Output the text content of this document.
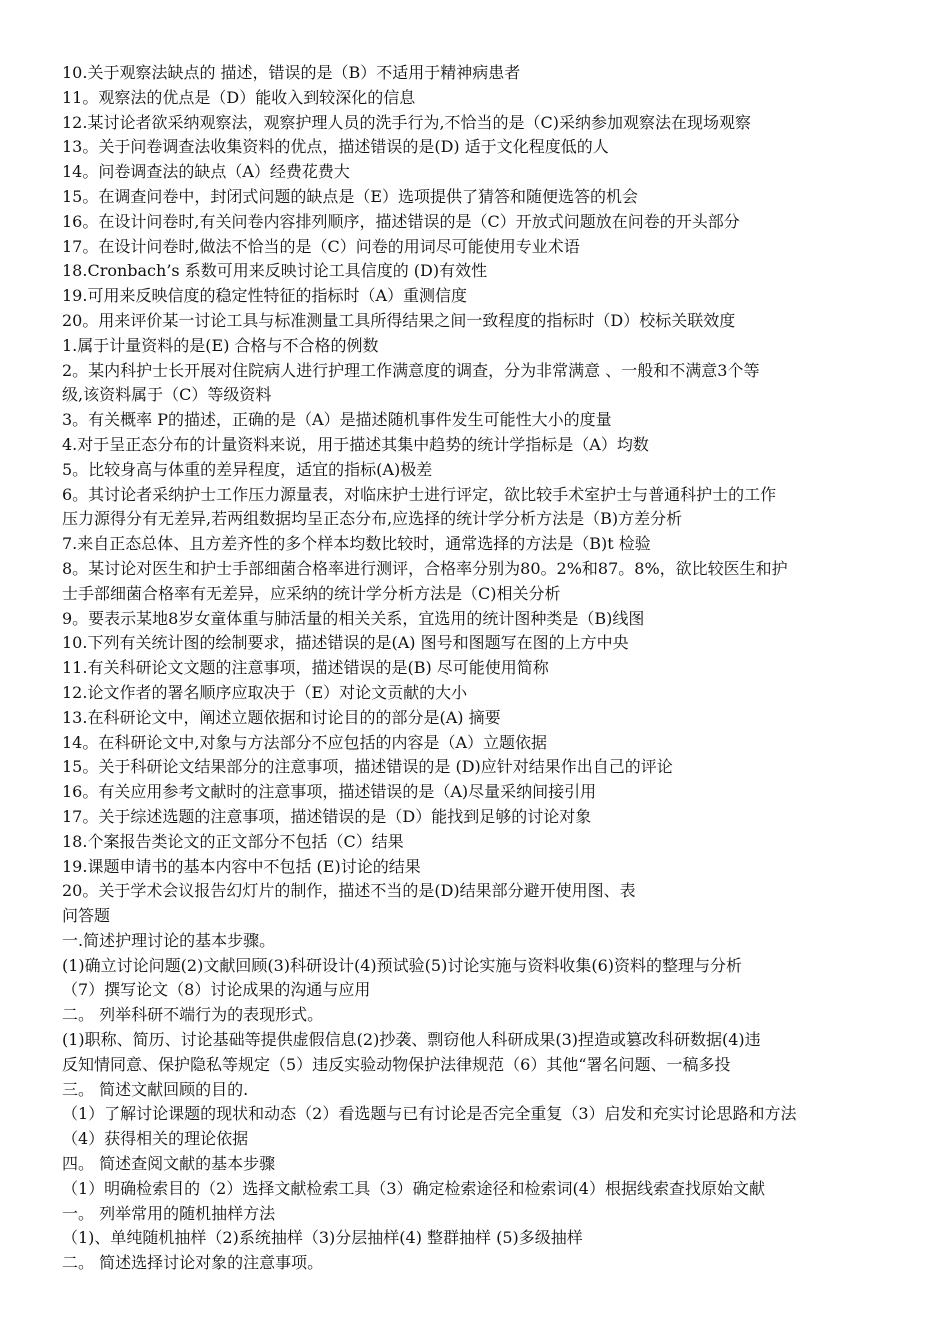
10.关于观察法缺点的 描述，错误的是（B）不适用于精神病患者
11。观察法的优点是（D）能收入到较深化的信息
12.某讨论者欲采纳观察法，观察护理人员的洗手行为,不恰当的是（C)采纳参加观察法在现场观察
13。关于问卷调查法收集资料的优点，描述错误的是(D) 适于文化程度低的人
14。问卷调查法的缺点（A）经费花费大
15。在调查问卷中，封闭式问题的缺点是（E）选项提供了猜答和随便选答的机会
16。在设计问卷时,有关问卷内容排列顺序，描述错误的是（C）开放式问题放在问卷的开头部分
17。在设计问卷时,做法不恰当的是（C）问卷的用词尽可能使用专业术语
18.Cronbach’s 系数可用来反映讨论工具信度的 (D)有效性
19.可用来反映信度的稳定性特征的指标时（A）重测信度
20。用来评价某一讨论工具与标准测量工具所得结果之间一致程度的指标时（D）校标关联效度
1.属于计量资料的是(E) 合格与不合格的例数
2。某内科护士长开展对住院病人进行护理工作满意度的调查，分为非常满意 、一般和不满意3个等
级,该资料属于（C）等级资料
3。有关概率 P的描述，正确的是（A）是描述随机事件发生可能性大小的度量
4.对于呈正态分布的计量资料来说，用于描述其集中趋势的统计学指标是（A）均数
5。比较身高与体重的差异程度，适宜的指标(A)极差
6。其讨论者采纳护士工作压力源量表，对临床护士进行评定，欲比较手术室护士与普通科护士的工作
压力源得分有无差异,若两组数据均呈正态分布,应选择的统计学分析方法是（B)方差分析
7.来自正态总体、且方差齐性的多个样本均数比较时，通常选择的方法是（B)t 检验
8。某讨论对医生和护士手部细菌合格率进行测评，合格率分别为80。2%和87。8%，欲比较医生和护
士手部细菌合格率有无差异，应采纳的统计学分析方法是（C)相关分析
9。要表示某地8岁女童体重与肺活量的相关关系，宜选用的统计图种类是（B)线图
10.下列有关统计图的绘制要求，描述错误的是(A) 图号和图题写在图的上方中央
11.有关科研论文文题的注意事项，描述错误的是(B) 尽可能使用简称
12.论文作者的署名顺序应取决于（E）对论文贡献的大小
13.在科研论文中，阐述立题依据和讨论目的的部分是(A) 摘要
14。在科研论文中,对象与方法部分不应包括的内容是（A）立题依据
15。关于科研论文结果部分的注意事项，描述错误的是 (D)应针对结果作出自己的评论
16。有关应用参考文献时的注意事项，描述错误的是（A)尽量采纳间接引用
17。关于综述选题的注意事项，描述错误的是（D）能找到足够的讨论对象
18.个案报告类论文的正文部分不包括（C）结果
19.课题申请书的基本内容中不包括 (E)讨论的结果
20。关于学术会议报告幻灯片的制作，描述不当的是(D)结果部分避开使用图、表
问答题
一.简述护理讨论的基本步骤。
(1)确立讨论问题(2)文献回顾(3)科研设计(4)预试验(5)讨论实施与资料收集(6)资料的整理与分析
（7）撰写论文（8）讨论成果的沟通与应用
二。 列举科研不端行为的表现形式。
(1)职称、简历、讨论基础等提供虚假信息(2)抄袭、剽窃他人科研成果(3)捏造或篡改科研数据(4)违
反知情同意、保护隐私等规定（5）违反实验动物保护法律规范（6）其他“署名问题、一稿多投
三。 简述文献回顾的目的.
（1）了解讨论课题的现状和动态（2）看选题与已有讨论是否完全重复（3）启发和充实讨论思路和方法
（4）获得相关的理论依据
四。 简述查阅文献的基本步骤
（1）明确检索目的（2）选择文献检索工具（3）确定检索途径和检索词(4）根据线索查找原始文献
一。 列举常用的随机抽样方法
（1)、单纯随机抽样（2)系统抽样（3)分层抽样(4) 整群抽样 (5)多级抽样
二。 简述选择讨论对象的注意事项。
